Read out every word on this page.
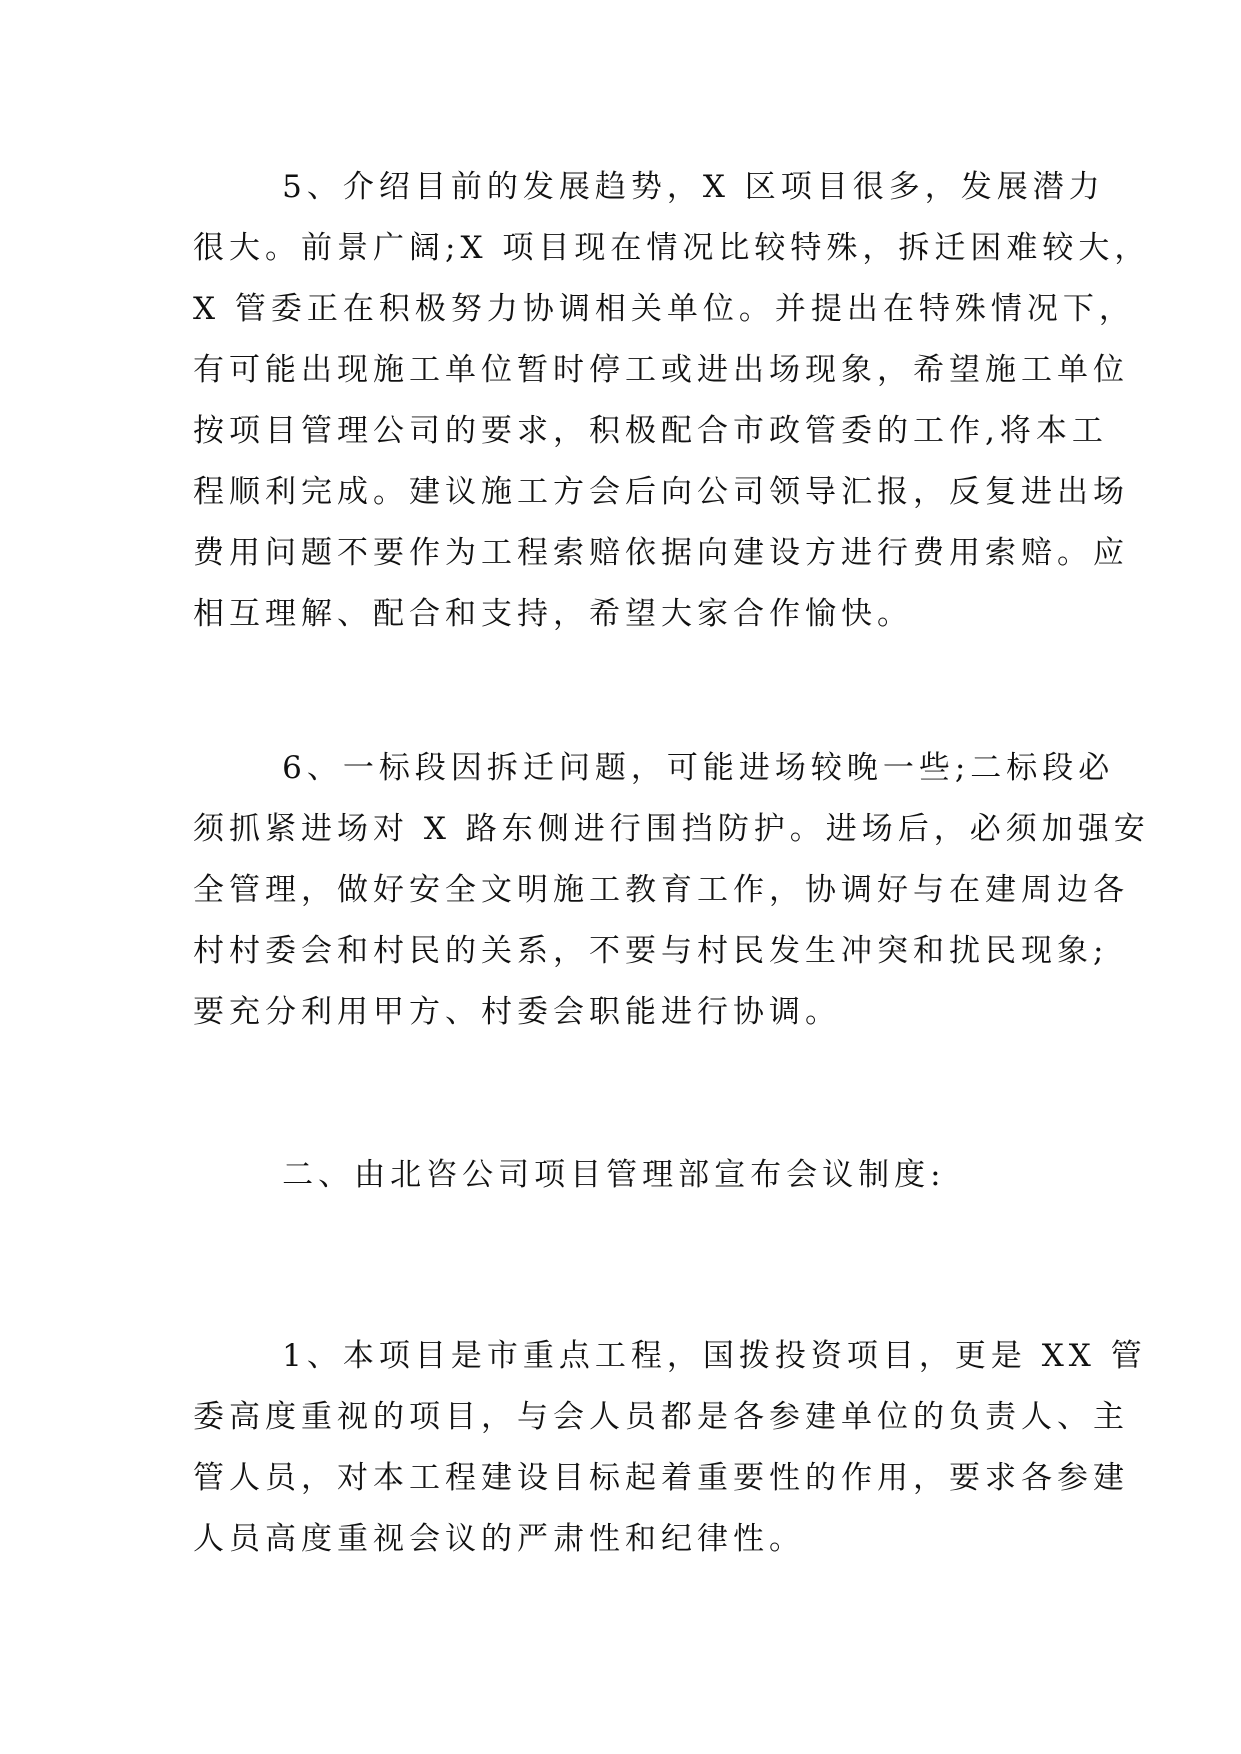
5、介绍目前的发展趋势，X 区项目很多，发展潜力
很大。前景广阔;X 项目现在情况比较特殊，拆迁困难较大，
X 管委正在积极努力协调相关单位。并提出在特殊情况下，
有可能出现施工单位暂时停工或进出场现象，希望施工单位
按项目管理公司的要求，积极配合市政管委的工作,将本工
程顺利完成。建议施工方会后向公司领导汇报，反复进出场
费用问题不要作为工程索赔依据向建设方进行费用索赔。应
相互理解、配合和支持，希望大家合作愉快。
6、一标段因拆迁问题，可能进场较晚一些;二标段必
须抓紧进场对 X 路东侧进行围挡防护。进场后，必须加强安
全管理，做好安全文明施工教育工作，协调好与在建周边各
村村委会和村民的关系，不要与村民发生冲突和扰民现象;
要充分利用甲方、村委会职能进行协调。
二、由北咨公司项目管理部宣布会议制度:
1、本项目是市重点工程，国拨投资项目，更是 XX 管
委高度重视的项目，与会人员都是各参建单位的负责人、主
管人员，对本工程建设目标起着重要性的作用，要求各参建
人员高度重视会议的严肃性和纪律性。
